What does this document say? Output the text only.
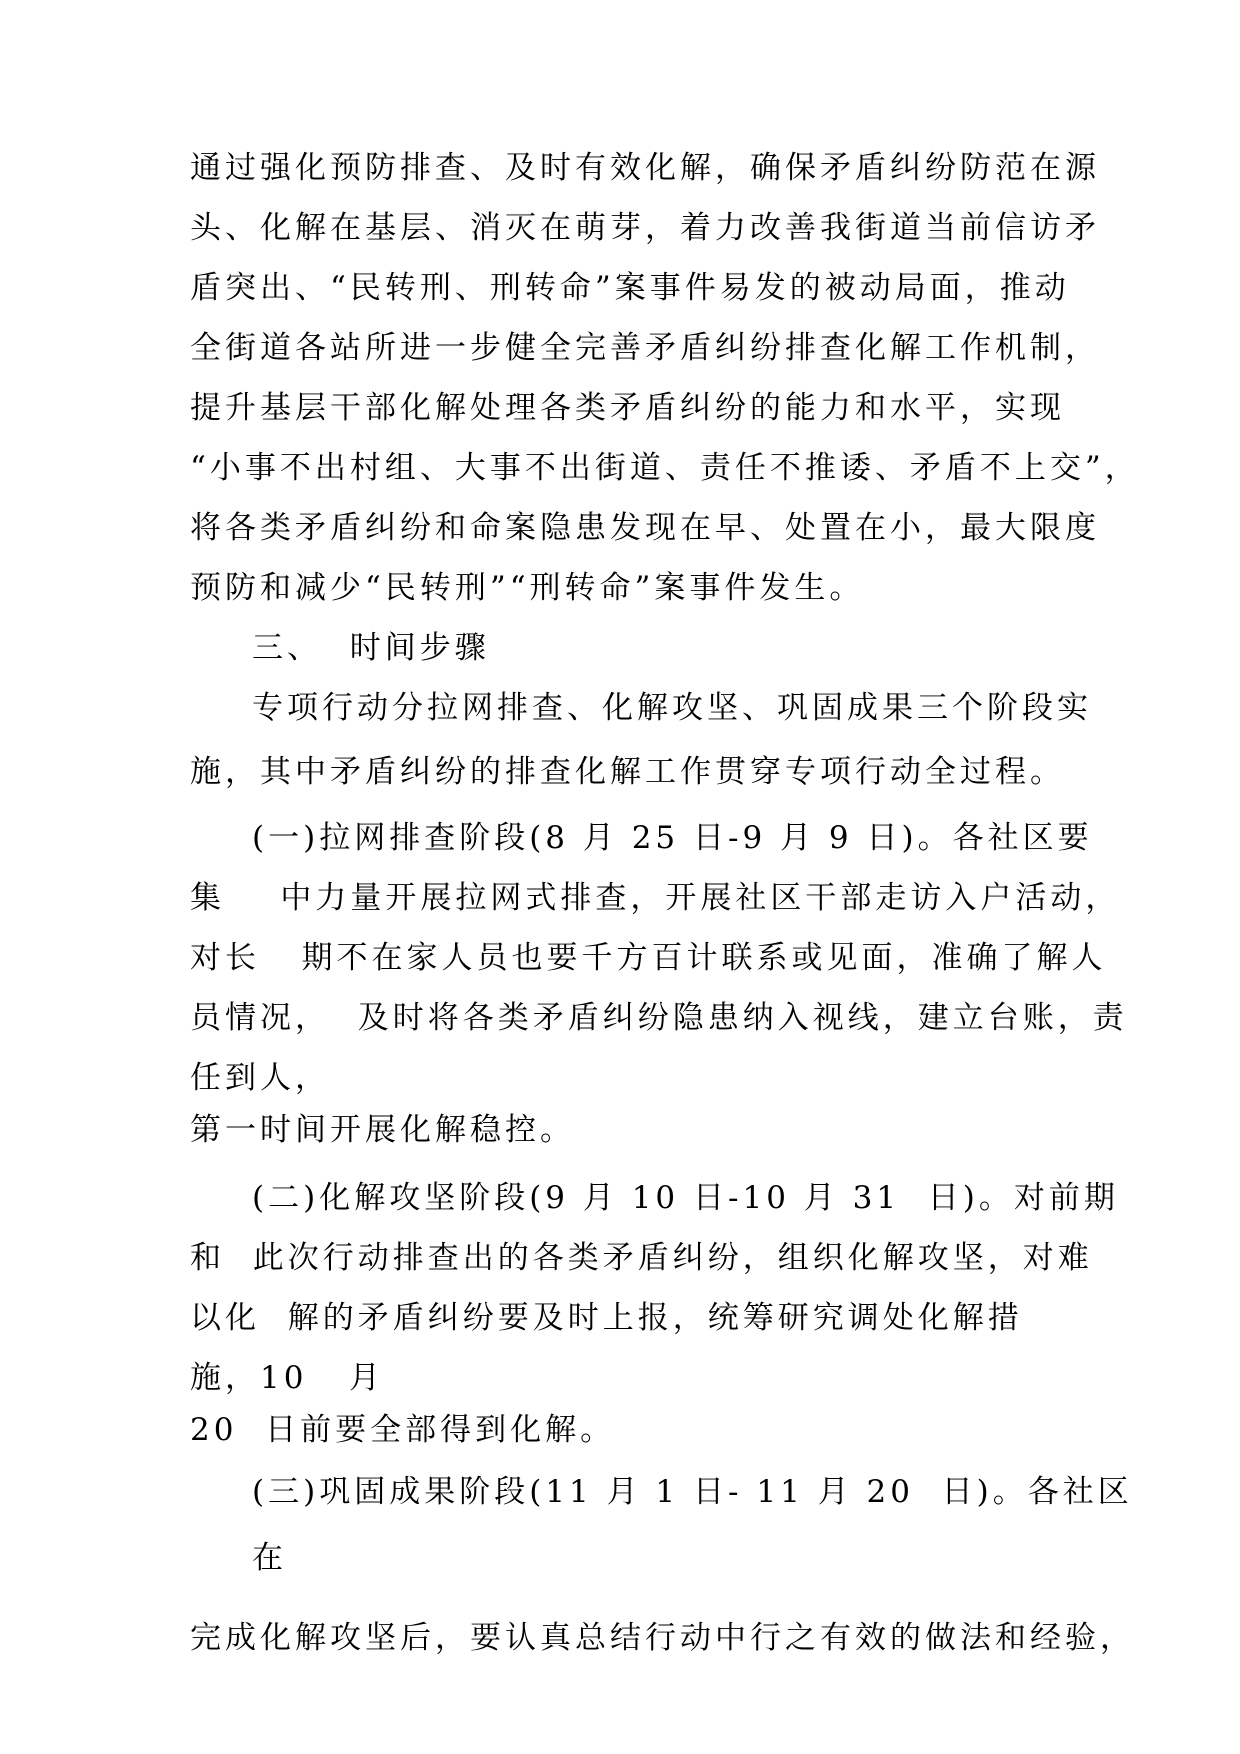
通过强化预防排查、及时有效化解，确保矛盾纠纷防范在源
头、化解在基层、消灭在萌芽，着力改善我街道当前信访矛
盾突出、“民转刑、刑转命”案事件易发的被动局面，推动
全街道各站所进一步健全完善矛盾纠纷排查化解工作机制，
提升基层干部化解处理各类矛盾纠纷的能力和水平，实现
“小事不出村组、大事不出街道、责任不推诿、矛盾不上交”，
将各类矛盾纠纷和命案隐患发现在早、处置在小，最大限度
预防和减少“民转刑”“刑转命”案事件发生。
三、  时间步骤
专项行动分拉网排查、化解攻坚、巩固成果三个阶段实
施，其中矛盾纠纷的排查化解工作贯穿专项行动全过程。
(一)拉网排查阶段(8 月 25 日-9 月 9 日)。各社区要
集    中力量开展拉网式排查，开展社区干部走访入户活动，
对长   期不在家人员也要千方百计联系或见面，准确了解人
员情况，  及时将各类矛盾纠纷隐患纳入视线，建立台账，责
任到人，
第一时间开展化解稳控。
(二)化解攻坚阶段(9 月 10 日-10 月 31  日)。对前期
和  此次行动排查出的各类矛盾纠纷，组织化解攻坚，对难
以化  解的矛盾纠纷要及时上报，统筹研究调处化解措
施，10   月
20  日前要全部得到化解。
(三)巩固成果阶段(11 月 1 日- 11 月 20  日)。各社区
在
完成化解攻坚后，要认真总结行动中行之有效的做法和经验，
